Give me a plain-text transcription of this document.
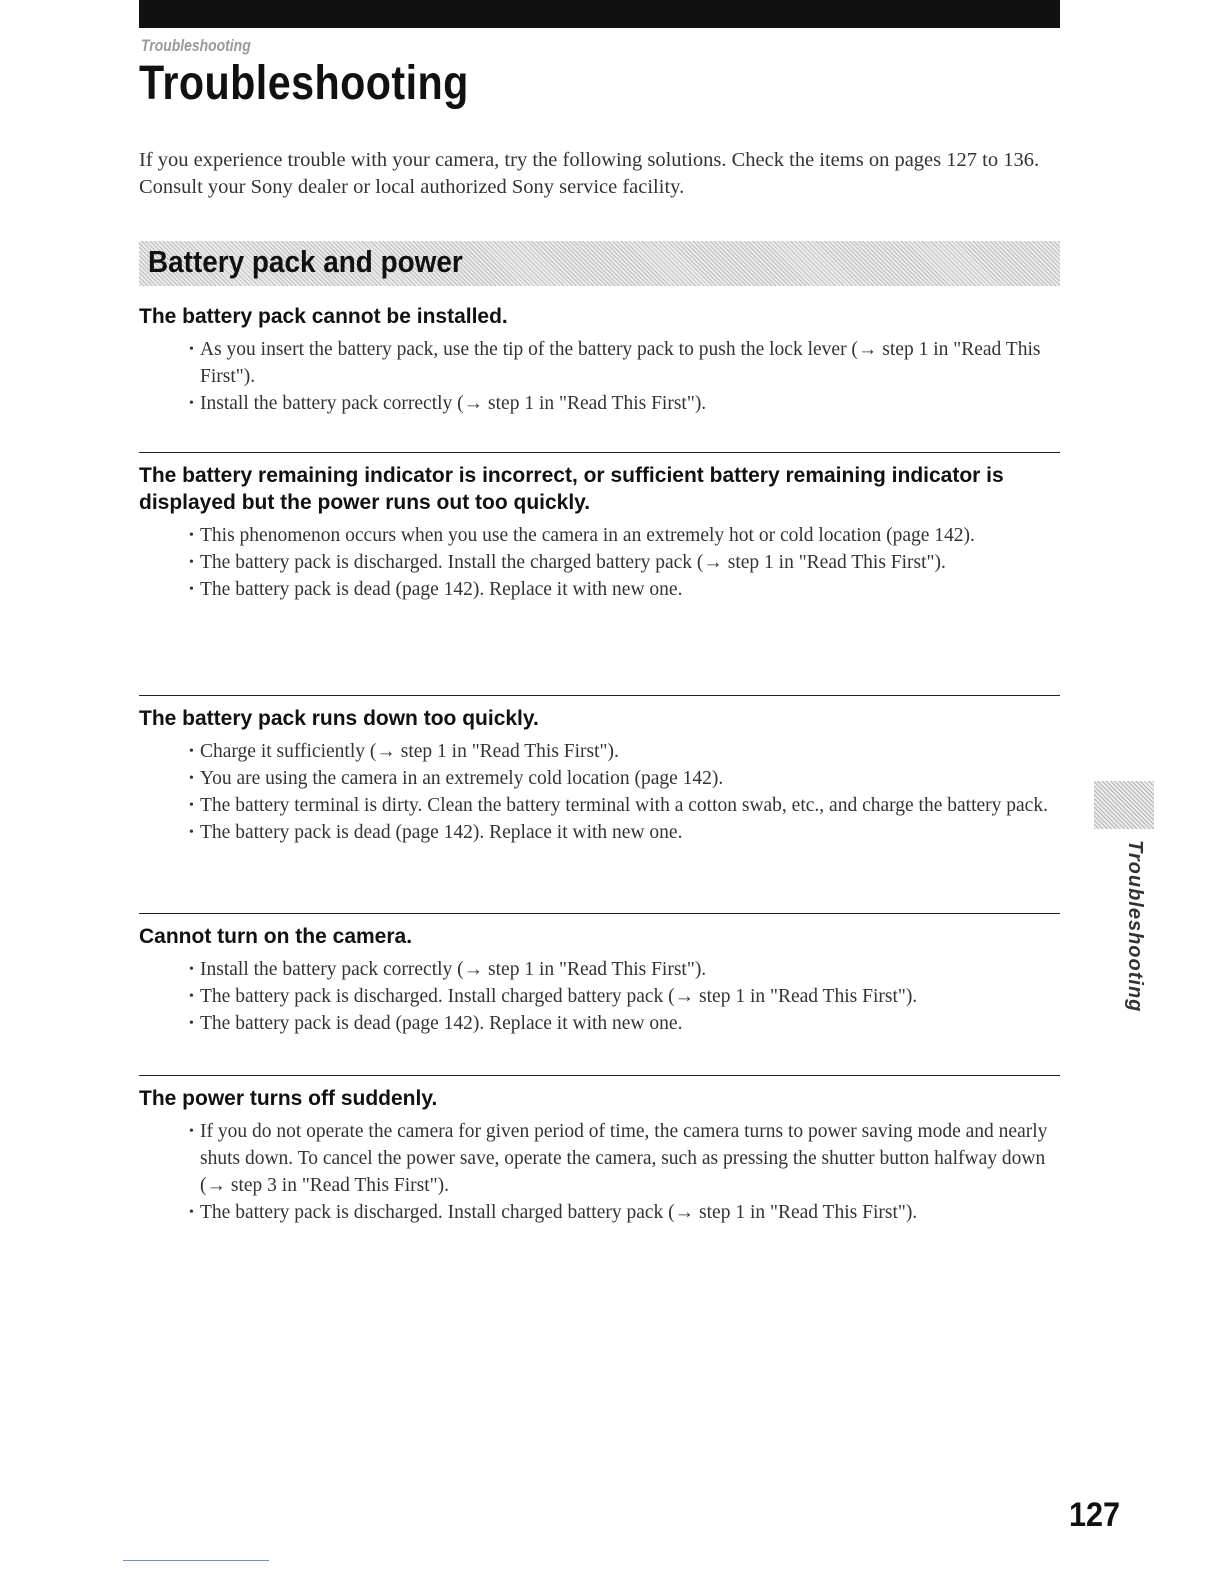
Troubleshooting
Troubleshooting

If you experience trouble with your camera, try the following solutions. Check the items on pages 127 to 136. Consult your Sony dealer or local authorized Sony service facility.

Battery pack and power
The battery pack cannot be installed.
• As you insert the battery pack, use the tip of the battery pack to push the lock lever (→ step 1 in "Read This First").
• Install the battery pack correctly (→ step 1 in "Read This First").
The battery remaining indicator is incorrect, or sufficient battery remaining indicator is displayed but the power runs out too quickly.
• This phenomenon occurs when you use the camera in an extremely hot or cold location (page 142).
• The battery pack is discharged. Install the charged battery pack (→ step 1 in "Read This First").
• The battery pack is dead (page 142). Replace it with new one.
The battery pack runs down too quickly.
• Charge it sufficiently (→ step 1 in "Read This First").
• You are using the camera in an extremely cold location (page 142).
• The battery terminal is dirty. Clean the battery terminal with a cotton swab, etc., and charge the battery pack.
• The battery pack is dead (page 142). Replace it with new one.
Cannot turn on the camera.
• Install the battery pack correctly (→ step 1 in "Read This First").
• The battery pack is discharged. Install charged battery pack (→ step 1 in "Read This First").
• The battery pack is dead (page 142). Replace it with new one.
The power turns off suddenly.
• If you do not operate the camera for given period of time, the camera turns to power saving mode and nearly shuts down. To cancel the power save, operate the camera, such as pressing the shutter button halfway down (→ step 3 in "Read This First").
• The battery pack is discharged. Install charged battery pack (→ step 1 in "Read This First").
Troubleshooting
127
